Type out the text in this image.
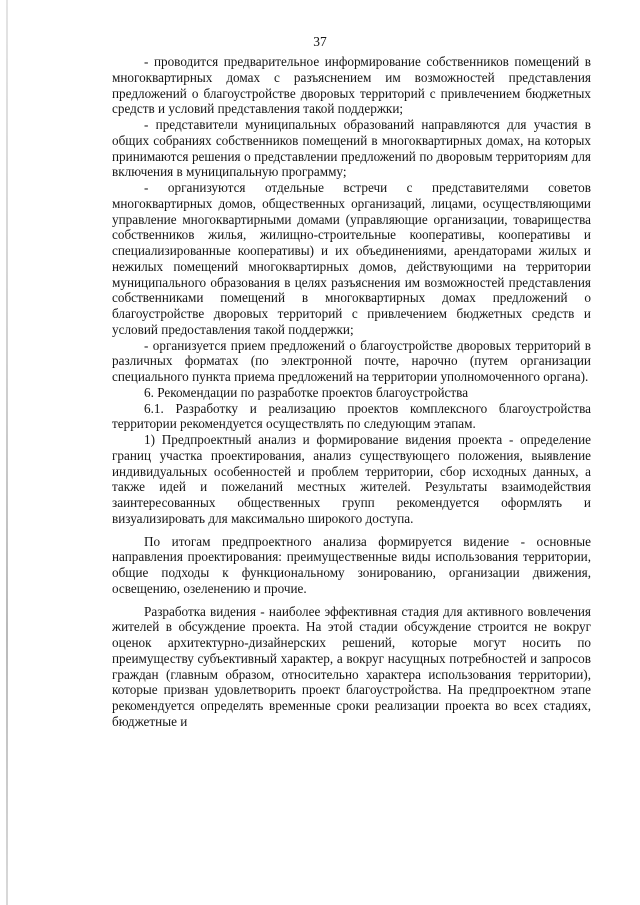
37

- проводится предварительное информирование собственников помещений в многоквартирных домах с разъяснением им возможностей представления предложений о благоустройстве дворовых территорий с привлечением бюджетных средств и условий представления такой поддержки;

- представители муниципальных образований направляются для участия в общих собраниях собственников помещений в многоквартирных домах, на которых принимаются решения о представлении предложений по дворовым территориям для включения в муниципальную программу;

- организуются отдельные встречи с представителями советов многоквартирных домов, общественных организаций, лицами, осуществляющими управление многоквартирными домами (управляющие организации, товарищества собственников жилья, жилищно-строительные кооперативы, кооперативы и специализированные кооперативы) и их объединениями, арендаторами жилых и нежилых помещений многоквартирных домов, действующими на территории муниципального образования в целях разъяснения им возможностей представления собственниками помещений в многоквартирных домах предложений о благоустройстве дворовых территорий с привлечением бюджетных средств и условий предоставления такой поддержки;

- организуется прием предложений о благоустройстве дворовых территорий в различных форматах (по электронной почте, нарочно (путем организации специального пункта приема предложений на территории уполномоченного органа).

6. Рекомендации по разработке проектов благоустройства

6.1. Разработку и реализацию проектов комплексного благоустройства территории рекомендуется осуществлять по следующим этапам.

1) Предпроектный анализ и формирование видения проекта - определение границ участка проектирования, анализ существующего положения, выявление индивидуальных особенностей и проблем территории, сбор исходных данных, а также идей и пожеланий местных жителей. Результаты взаимодействия заинтересованных общественных групп рекомендуется оформлять и визуализировать для максимально широкого доступа.

По итогам предпроектного анализа формируется видение - основные направления проектирования: преимущественные виды использования территории, общие подходы к функциональному зонированию, организации движения, освещению, озеленению и прочие.

Разработка видения - наиболее эффективная стадия для активного вовлечения жителей в обсуждение проекта. На этой стадии обсуждение строится не вокруг оценок архитектурно-дизайнерских решений, которые могут носить по преимуществу субъективный характер, а вокруг насущных потребностей и запросов граждан (главным образом, относительно характера использования территории), которые призван удовлетворить проект благоустройства. На предпроектном этапе рекомендуется определять временные сроки реализации проекта во всех стадиях, бюджетные и
